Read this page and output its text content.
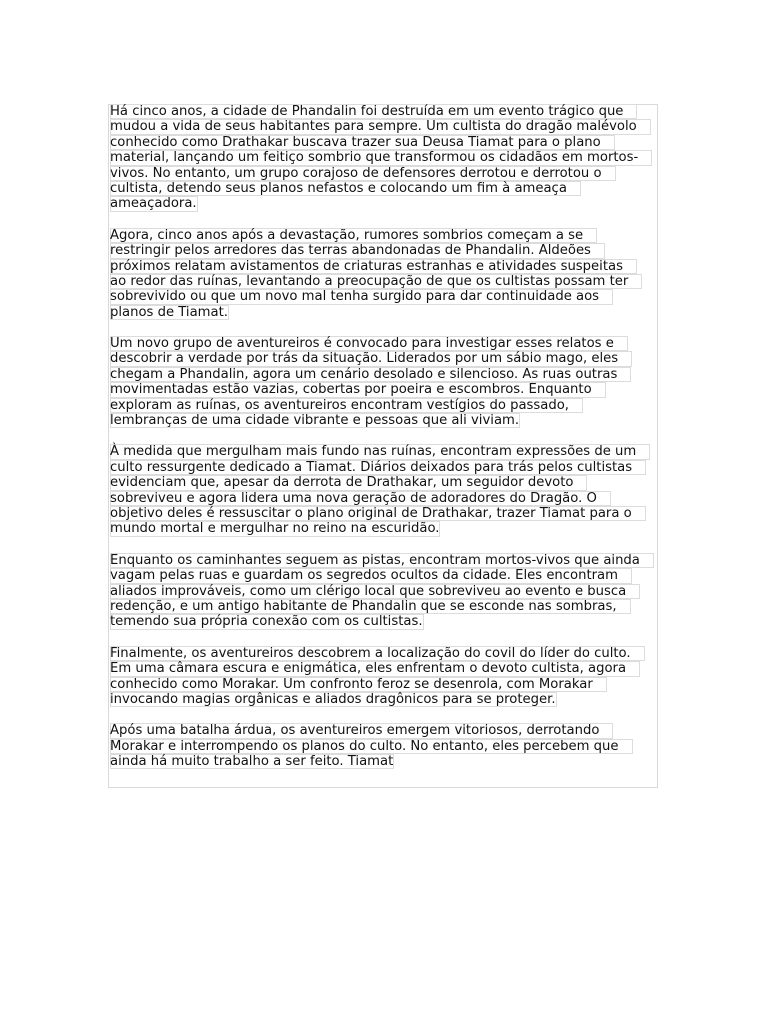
Há cinco anos, a cidade de Phandalin foi destruída em um evento trágico que
mudou a vida de seus habitantes para sempre. Um cultista do dragão malévolo
conhecido como Drathakar buscava trazer sua Deusa Tiamat para o plano
material, lançando um feitiço sombrio que transformou os cidadãos em mortos-
vivos. No entanto, um grupo corajoso de defensores derrotou e derrotou o
cultista, detendo seus planos nefastos e colocando um fim à ameaça
ameaçadora.
Agora, cinco anos após a devastação, rumores sombrios começam a se
restringir pelos arredores das terras abandonadas de Phandalin. Aldeões
próximos relatam avistamentos de criaturas estranhas e atividades suspeitas
ao redor das ruínas, levantando a preocupação de que os cultistas possam ter
sobrevivido ou que um novo mal tenha surgido para dar continuidade aos
planos de Tiamat.
Um novo grupo de aventureiros é convocado para investigar esses relatos e
descobrir a verdade por trás da situação. Liderados por um sábio mago, eles
chegam a Phandalin, agora um cenário desolado e silencioso. As ruas outras
movimentadas estão vazias, cobertas por poeira e escombros. Enquanto
exploram as ruínas, os aventureiros encontram vestígios do passado,
lembranças de uma cidade vibrante e pessoas que ali viviam.
À medida que mergulham mais fundo nas ruínas, encontram expressões de um
culto ressurgente dedicado a Tiamat. Diários deixados para trás pelos cultistas
evidenciam que, apesar da derrota de Drathakar, um seguidor devoto
sobreviveu e agora lidera uma nova geração de adoradores do Dragão. O
objetivo deles é ressuscitar o plano original de Drathakar, trazer Tiamat para o
mundo mortal e mergulhar no reino na escuridão.
Enquanto os caminhantes seguem as pistas, encontram mortos-vivos que ainda
vagam pelas ruas e guardam os segredos ocultos da cidade. Eles encontram
aliados improváveis, como um clérigo local que sobreviveu ao evento e busca
redenção, e um antigo habitante de Phandalin que se esconde nas sombras,
temendo sua própria conexão com os cultistas.
Finalmente, os aventureiros descobrem a localização do covil do líder do culto.
Em uma câmara escura e enigmática, eles enfrentam o devoto cultista, agora
conhecido como Morakar. Um confronto feroz se desenrola, com Morakar
invocando magias orgânicas e aliados dragônicos para se proteger.
Após uma batalha árdua, os aventureiros emergem vitoriosos, derrotando
Morakar e interrompendo os planos do culto. No entanto, eles percebem que
ainda há muito trabalho a ser feito. Tiamat
